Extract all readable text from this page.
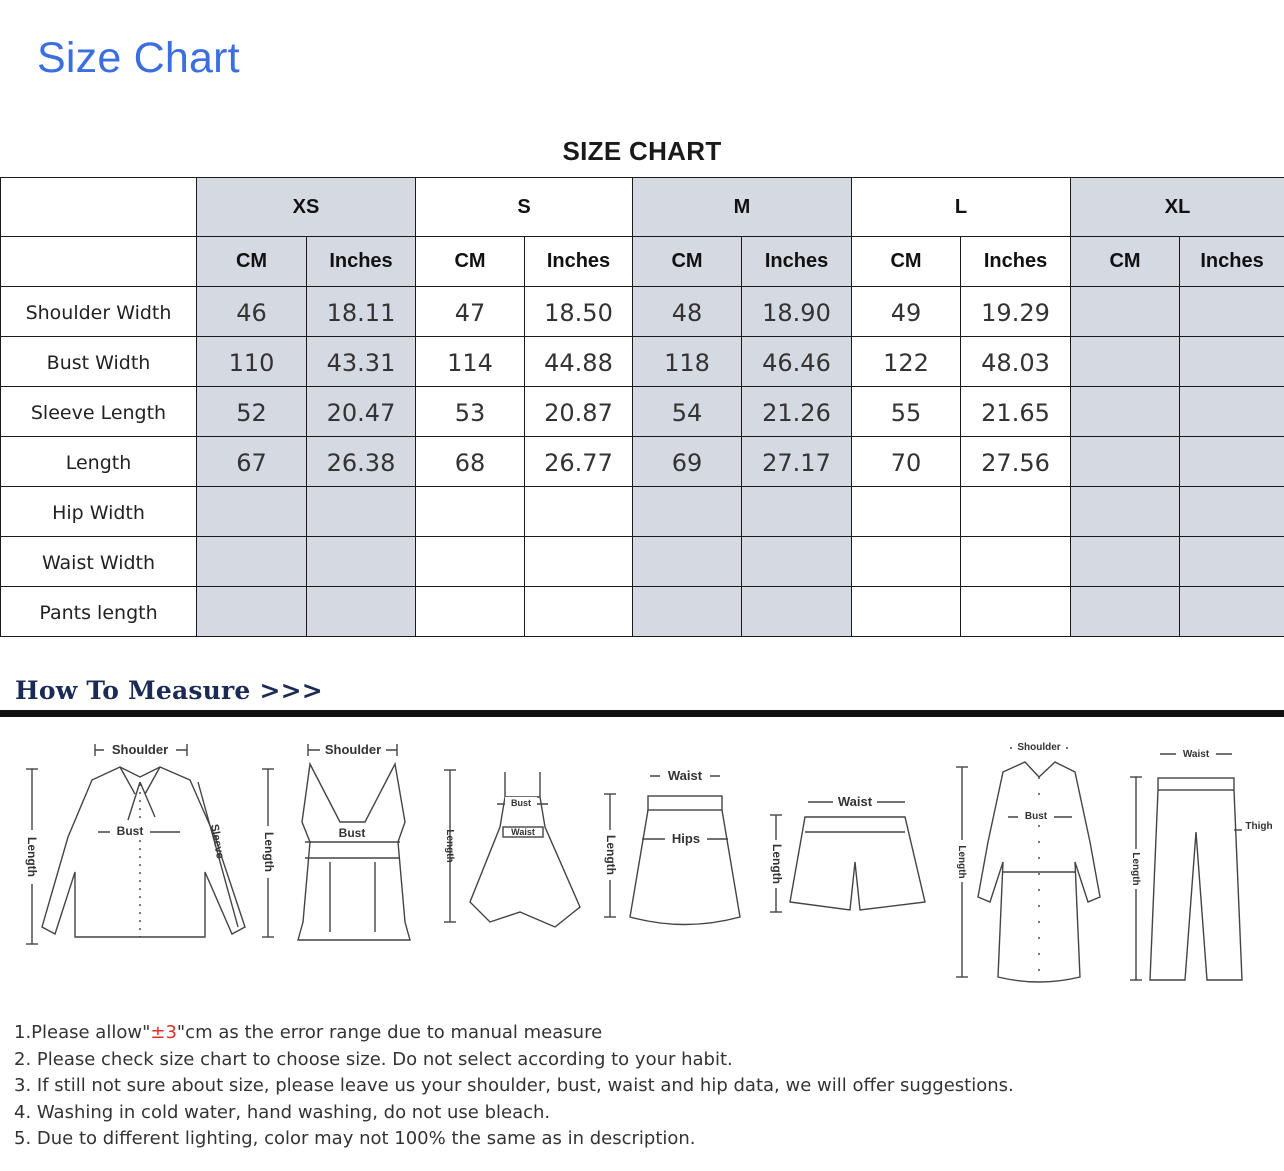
Size Chart
SIZE CHART
	XS		S		M		L		XL	
	CM	Inches	CM	Inches	CM	Inches	CM	Inches	CM	Inches
Shoulder Width	46	18.11	47	18.50	48	18.90	49	19.29		
Bust Width	110	43.31	114	44.88	118	46.46	122	48.03		
Sleeve Length	52	20.47	53	20.87	54	21.26	55	21.65		
Length	67	26.38	68	26.77	69	27.17	70	27.56		
Hip Width										
Waist Width										
Pants length										
How To Measure >>>
Shoulder
Length
Bust	Sleeve
Shoulder
Length	Bust	Length
Bust
Waist
Waist
Length	Hips
Waist
Length
Shoulder
Length
Bust
Waist
Length
Thigh
1.Please allow"±3"cm as the error range due to manual measure
2. Please check size chart to choose size. Do not select according to your habit.
3. If still not sure about size, please leave us your shoulder, bust, waist and hip data, we will offer suggestions.
4. Washing in cold water, hand washing, do not use bleach.
5. Due to different lighting, color may not 100% the same as in description.
